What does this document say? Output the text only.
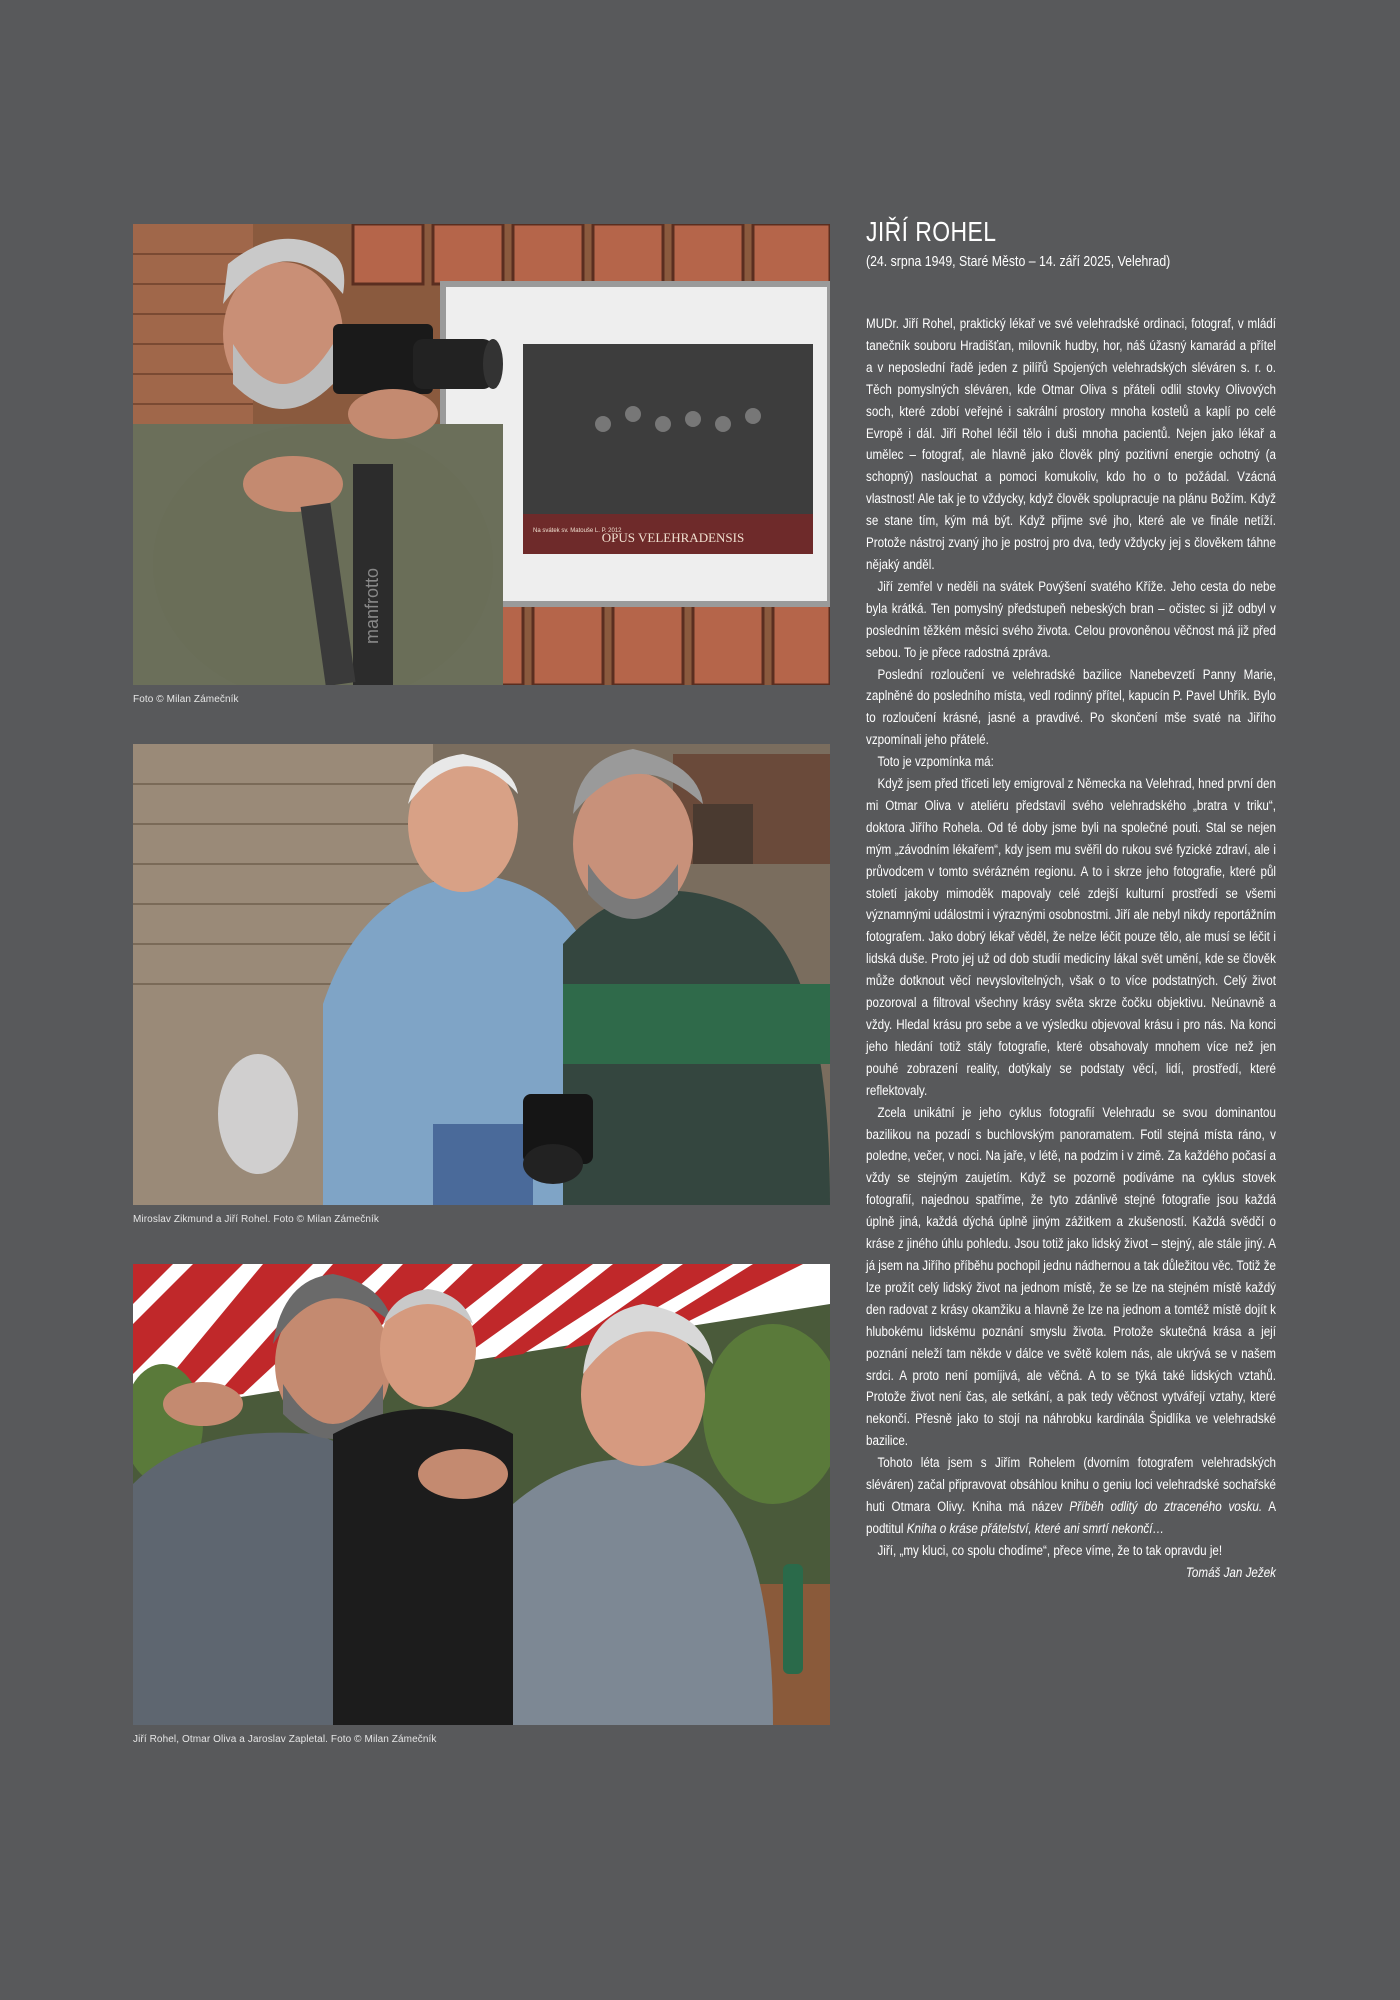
OPUS VELEHRADENSIS
Na svátek sv. Matouše L. P. 2012
manfrotto
Foto © Milan Zámečník
Miroslav Zikmund a Jiří Rohel. Foto © Milan Zámečník
Jiří Rohel, Otmar Oliva a Jaroslav Zapletal. Foto © Milan Zámečník
JIŘÍ ROHEL
(24. srpna 1949, Staré Město – 14. září 2025, Velehrad)

MUDr. Jiří Rohel, praktický lékař ve své velehradské ordinaci, fotograf, v mládí tanečník souboru Hradišťan, milovník hudby, hor, náš úžasný kamarád a přítel a v neposlední řadě jeden z pilířů Spojených velehradských sléváren s. r. o. Těch pomyslných sléváren, kde Otmar Oliva s přáteli odlil stovky Olivových soch, které zdobí veřejné i sakrální prostory mnoha kostelů a kaplí po celé Evropě i dál. Jiří Rohel léčil tělo i duši mnoha pacientů. Nejen jako lékař a umělec – fotograf, ale hlavně jako člověk plný pozitivní energie ochotný (a schopný) naslouchat a pomoci komukoliv, kdo ho o to požádal. Vzácná vlastnost! Ale tak je to vždycky, když člověk spolupracuje na plánu Božím. Když se stane tím, kým má být. Když přijme své jho, které ale ve finále netíží. Protože nástroj zvaný jho je postroj pro dva, tedy vždycky jej s člověkem táhne nějaký anděl.

Jiří zemřel v neděli na svátek Povýšení svatého Kříže. Jeho cesta do nebe byla krátká. Ten pomyslný předstupeň nebeských bran – očistec si již odbyl v posledním těžkém měsíci svého života. Celou provoněnou věčnost má již před sebou. To je přece radostná zpráva.

Poslední rozloučení ve velehradské bazilice Nanebevzetí Panny Marie, zaplněné do posledního místa, vedl rodinný přítel, kapucín P. Pavel Uhřík. Bylo to rozloučení krásné, jasné a pravdivé. Po skončení mše svaté na Jiřího vzpomínali jeho přátelé.

Toto je vzpomínka má:

Když jsem před třiceti lety emigroval z Německa na Velehrad, hned první den mi Otmar Oliva v ateliéru představil svého velehradského „bratra v triku“, doktora Jiřího Rohela. Od té doby jsme byli na společné pouti. Stal se nejen mým „závodním lékařem“, kdy jsem mu svěřil do rukou své fyzické zdraví, ale i průvodcem v tomto svérázném regionu. A to i skrze jeho fotografie, které půl století jakoby mimoděk mapovaly celé zdejší kulturní prostředí se všemi významnými událostmi i výraznými osobnostmi. Jiří ale nebyl nikdy reportážním fotografem. Jako dobrý lékař věděl, že nelze léčit pouze tělo, ale musí se léčit i lidská duše. Proto jej už od dob studií medicíny lákal svět umění, kde se člověk může dotknout věcí nevyslovitelných, však o to více podstatných. Celý život pozoroval a filtroval všechny krásy světa skrze čočku objektivu. Neúnavně a vždy. Hledal krásu pro sebe a ve výsledku objevoval krásu i pro nás. Na konci jeho hledání totiž stály fotografie, které obsahovaly mnohem více než jen pouhé zobrazení reality, dotýkaly se podstaty věcí, lidí, prostředí, které reflektovaly.

Zcela unikátní je jeho cyklus fotografií Velehradu se svou dominantou bazilikou na pozadí s buchlovským panoramatem. Fotil stejná místa ráno, v poledne, večer, v noci. Na jaře, v létě, na podzim i v zimě. Za každého počasí a vždy se stejným zaujetím. Když se pozorně podíváme na cyklus stovek fotografií, najednou spatříme, že tyto zdánlivě stejné fotografie jsou každá úplně jiná, každá dýchá úplně jiným zážitkem a zkušeností. Každá svědčí o kráse z jiného úhlu pohledu. Jsou totiž jako lidský život – stejný, ale stále jiný. A já jsem na Jiřího příběhu pochopil jednu nádhernou a tak důležitou věc. Totiž že lze prožít celý lidský život na jednom místě, že se lze na stejném místě každý den radovat z krásy okamžiku a hlavně že lze na jednom a tomtéž místě dojít k hlubokému lidskému poznání smyslu života. Protože skutečná krása a její poznání neleží tam někde v dálce ve světě kolem nás, ale ukrývá se v našem srdci. A proto není pomíjivá, ale věčná. A to se týká také lidských vztahů. Protože život není čas, ale setkání, a pak tedy věčnost vytvářejí vztahy, které nekončí. Přesně jako to stojí na náhrobku kardinála Špidlíka ve velehradské bazilice.

Tohoto léta jsem s Jiřím Rohelem (dvorním fotografem velehradských sléváren) začal připravovat obsáhlou knihu o geniu loci velehradské sochařské huti Otmara Olivy. Kniha má název Příběh odlitý do ztraceného vosku. A podtitul Kniha o kráse přátelství, které ani smrtí nekončí…

Jiří, „my kluci, co spolu chodíme“, přece víme, že to tak opravdu je!

Tomáš Jan Ježek
